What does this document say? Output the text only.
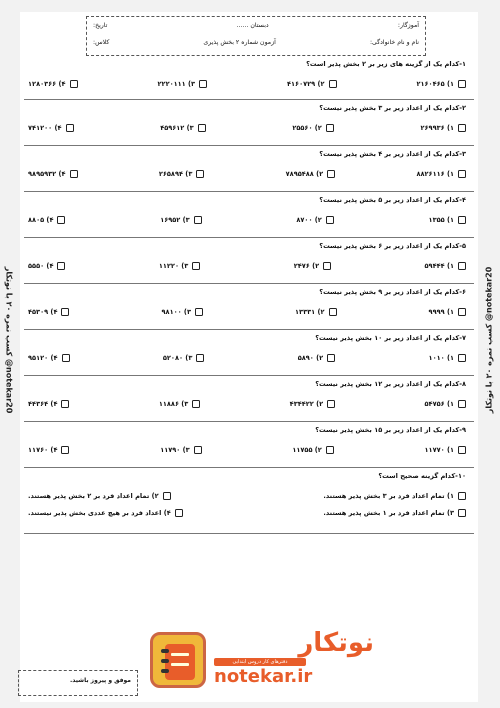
آموزگار:
دبستان ......
تاریخ:
نام و نام خانوادگی:
آزمون شماره ۲ بخش پذیری
کلاس:
۱-کدام یک از گزینه های زیر بر ۲ بخش پذیر است؟
۱) ۲۱۶۰۴۶۵
۲) ۴۱۶۰۷۲۹
۳) ۲۲۲۰۱۱۱
۴) ۱۲۸۰۳۶۶
۲-کدام یک از اعداد زیر بر ۳ بخش پذیر نیست؟
۱) ۲۶۹۹۳۶
۲) ۲۵۵۶۰
۳) ۴۵۹۶۱۲
۴) ۷۴۱۲۰۰
۳-کدام یک از اعداد زیر بر ۴ بخش پذیر نیست؟
۱) ۸۸۲۶۱۱۶
۲) ۷۸۹۵۴۸۸
۳) ۲۶۵۸۹۴
۴) ۹۸۹۵۹۳۲
۴-کدام یک از اعداد زیر بر ۵ بخش پذیر نیست؟
۱) ۱۳۵۵
۲) ۸۷۰۰
۳) ۱۶۹۵۲
۴) ۸۸۰۵
۵-کدام یک از اعداد زیر بر ۶ بخش پذیر نیست؟
۱) ۵۹۴۴۴
۲) ۲۴۷۶
۳) ۱۱۲۲۰
۴) ۵۵۵۰
۶-کدام یک از اعداد زیر بر ۹ بخش پذیر نیست؟
۱) ۹۹۹۹
۲) ۱۳۳۳۱
۳) ۹۸۱۰۰
۴) ۴۵۳۰۹
۷-کدام یک از اعداد زیر بر ۱۰ بخش پذیر نیست؟
۱) ۱۰۱۰
۲) ۵۸۹۰
۳) ۵۲۰۸۰
۴) ۹۵۱۲۰
۸-کدام یک از اعداد زیر بر ۱۲ بخش پذیر نیست؟
۱) ۵۴۷۵۶
۲) ۴۳۴۴۲۲
۳) ۱۱۸۸۶
۴) ۴۴۳۶۴
۹-کدام یک از اعداد زیر بر ۱۵ بخش پذیر نیست؟
۱) ۱۱۷۷۰
۲) ۱۱۷۵۵
۳) ۱۱۷۹۰
۴) ۱۱۷۶۰
۱۰-کدام گزینه صحیح است؟
۱) تمام اعداد فرد بر ۳ بخش پذیر هستند.
۲) تمام اعداد فرد بر ۲ بخش پذیر هستند.
۳) تمام اعداد فرد بر ۱ بخش پذیر هستند.
۴) اعداد فرد بر هیچ عددی بخش پذیر نیستند.
کسب نمره ۲۰ با نوتکار @notekar20	کسب نمره ۲۰ با نوتکار @notekar20
نوتکار
دفترهای کار دروس ابتدایی
notekar.ir
موفق و پیروز باشید.
